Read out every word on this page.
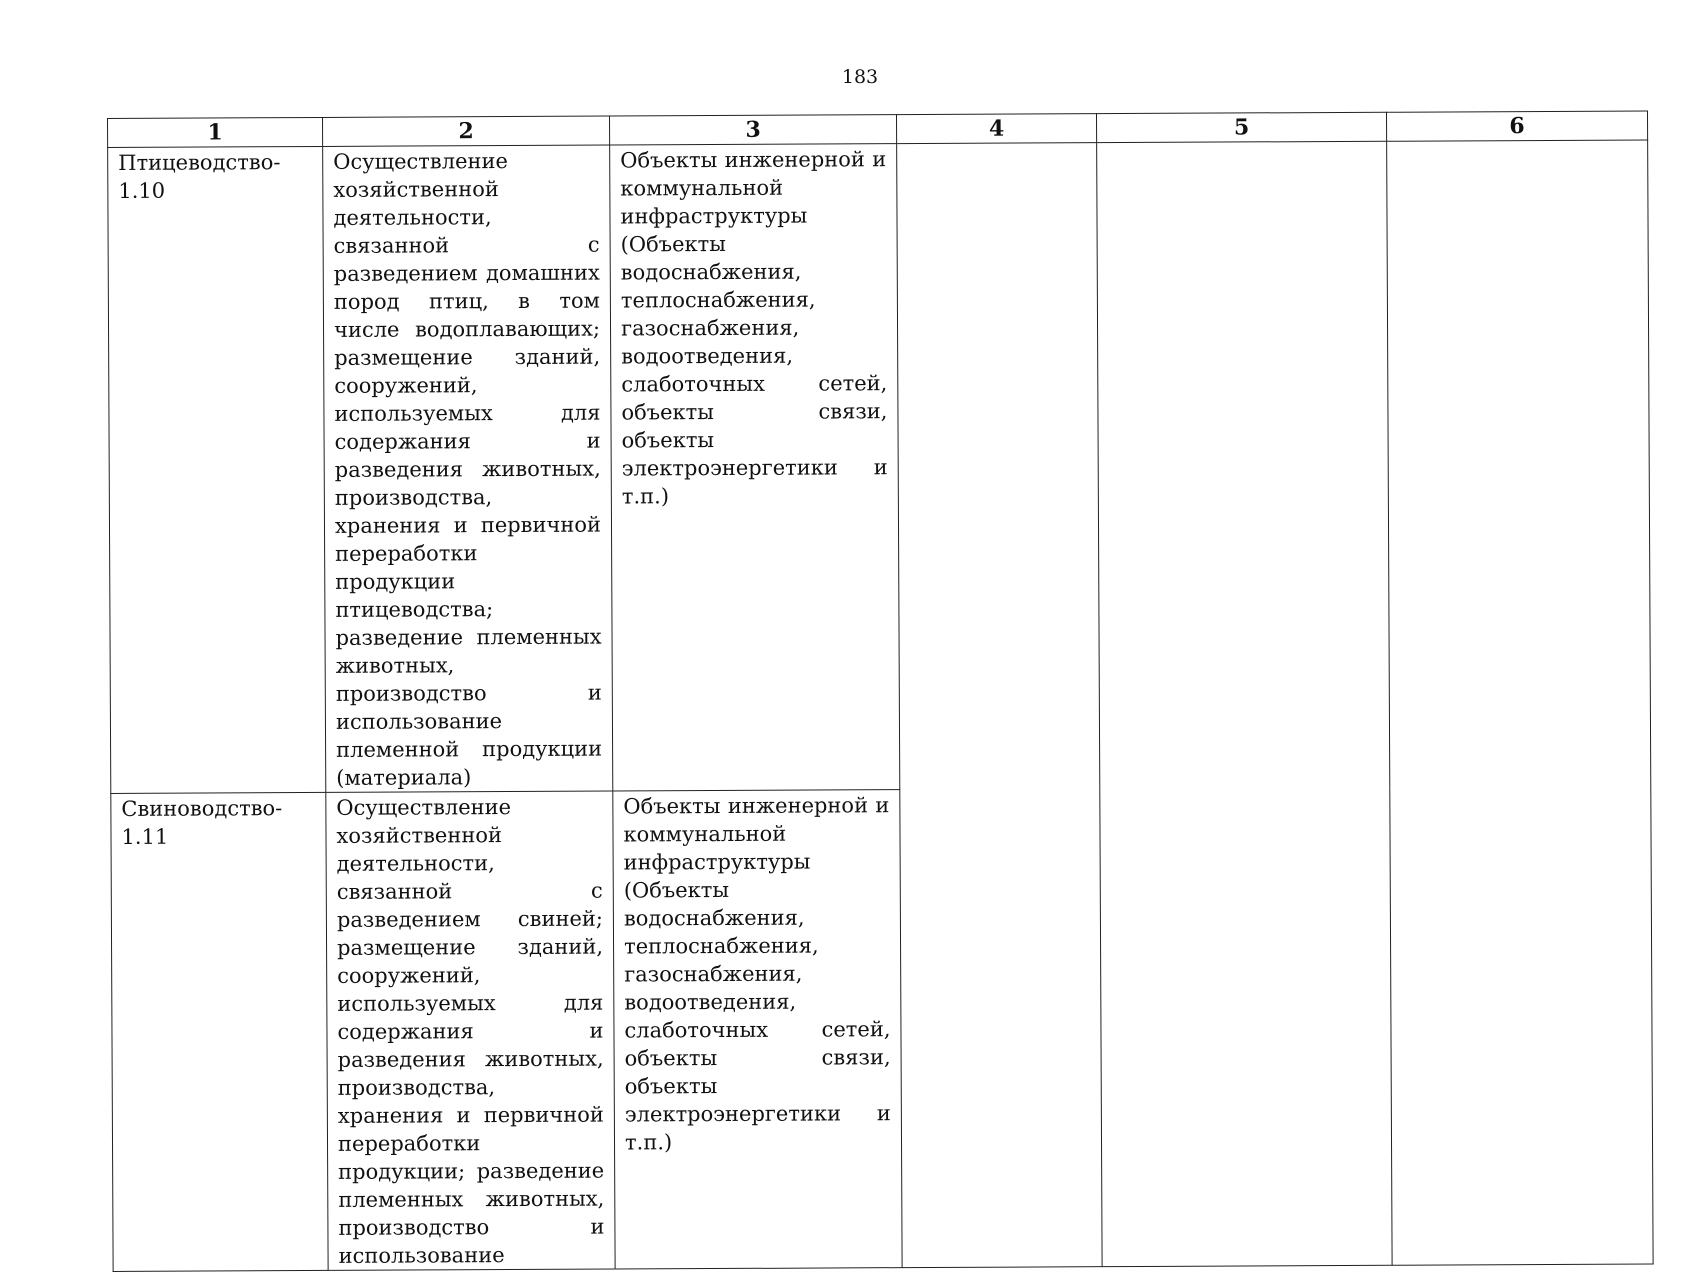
183
1	2	3	4	5	6

Птицеводство-
1.10	Осуществление хозяйственной деятельности, связанной с разведением домашних пород птиц, в том числе водоплавающих; размещение зданий, сооружений, используемых для содержания и разведения животных, производства, хранения и первичной переработки продукции птицеводства; разведение племенных животных, производство и использование племенной продукции (материала)	Объекты инженерной и коммунальной инфраструктуры (Объекты водоснабжения, теплоснабжения, газоснабжения, водоотведения, слаботочных сетей, объекты связи, объекты электроэнергетики и т.п.)			

Свиноводство-
1.11	Осуществление хозяйственной деятельности, связанной с разведением свиней; размещение зданий, сооружений, используемых для содержания и разведения животных, производства, хранения и первичной переработки продукции; разведение племенных животных, производство и использование	Объекты инженерной и коммунальной инфраструктуры (Объекты водоснабжения, теплоснабжения, газоснабжения, водоотведения, слаботочных сетей, объекты связи, объекты электроэнергетики и т.п.)			
